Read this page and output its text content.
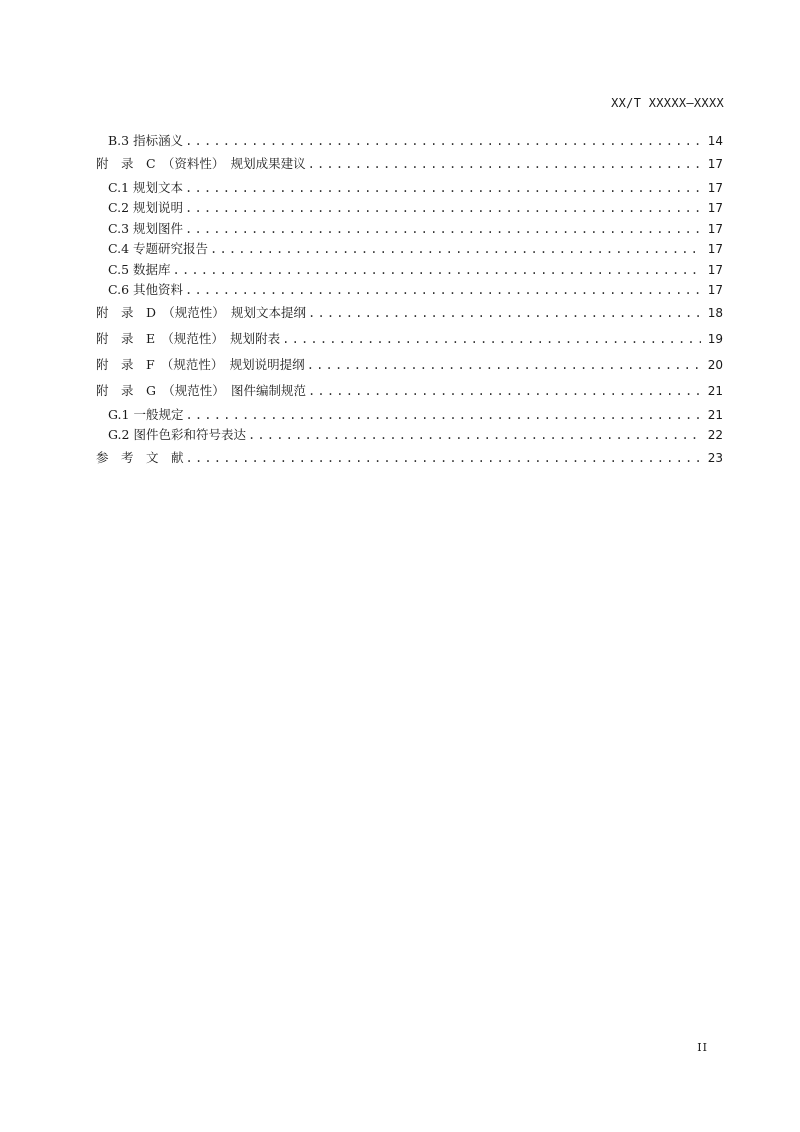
XX/T XXXXX—XXXX
B.3 指标涵义 .....	14
附　录　C　（资料性）　规划成果建议 .....	17
C.1 规划文本 .....	17
C.2 规划说明 .....	17
C.3 规划图件 .....	17
C.4 专题研究报告 .....	17
C.5 数据库 .....	17
C.6 其他资料 .....	17
附　录　D　（规范性）　规划文本提纲 .....	18
附　录　E　（规范性）　规划附表 .....	19
附　录　F　（规范性）　规划说明提纲 .....	20
附　录　G　（规范性）　图件编制规范 .....	21
G.1 一般规定 .....	21
G.2 图件色彩和符号表达 .....	22
参　考　文　献 .....	23
II
